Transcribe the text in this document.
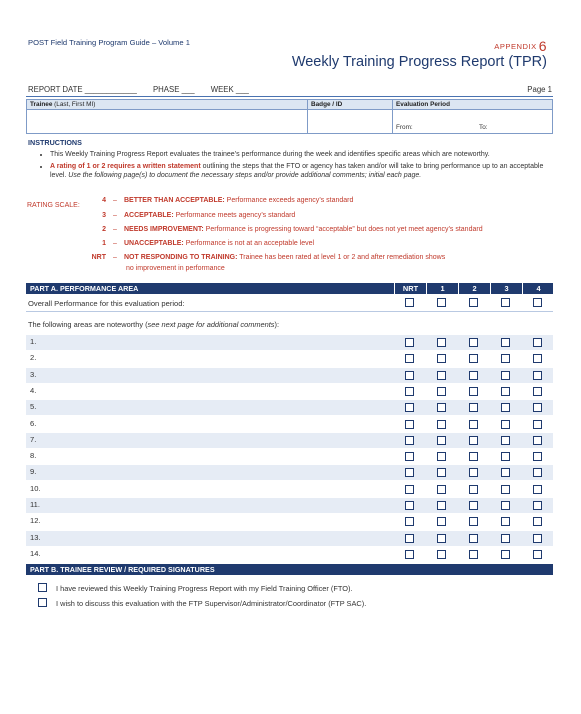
POST Field Training Program Guide – Volume 1	APPENDIX 6
Weekly Training Progress Report (TPR)
REPORT DATE ____________ PHASE ___ WEEK ___	Page 1
Trainee (Last, First MI)	Badge / ID	Evaluation Period
From:	To:
INSTRUCTIONS
• This Weekly Training Progress Report evaluates the trainee’s performance during the week and identifies specific areas which are noteworthy.
• A rating of 1 or 2 requires a written statement outlining the steps that the FTO or agency has taken and/or will take to bring performance up to an acceptable level. Use the following page(s) to document the necessary steps and/or provide additional comments; initial each page.
RATING SCALE:
4 – BETTER THAN ACCEPTABLE: Performance exceeds agency’s standard
3 – ACCEPTABLE: Performance meets agency’s standard
2 – NEEDS IMPROVEMENT: Performance is progressing toward “acceptable” but does not yet meet agency’s standard
1 – UNACCEPTABLE: Performance is not at an acceptable level
NRT – NOT RESPONDING TO TRAINING: Trainee has been rated at level 1 or 2 and after remediation shows
no improvement in performance
PART A. PERFORMANCE AREA	NRT	1	2	3	4
Overall Performance for this evaluation period:
The following areas are noteworthy (see next page for additional comments):
1.
2.
3.
4.
5.
6.
7.
8.
9.
10.
11.
12.
13.
14.
PART B. TRAINEE REVIEW / REQUIRED SIGNATURES
I have reviewed this Weekly Training Progress Report with my Field Training Officer (FTO).
I wish to discuss this evaluation with the FTP Supervisor/Administrator/Coordinator (FTP SAC).
